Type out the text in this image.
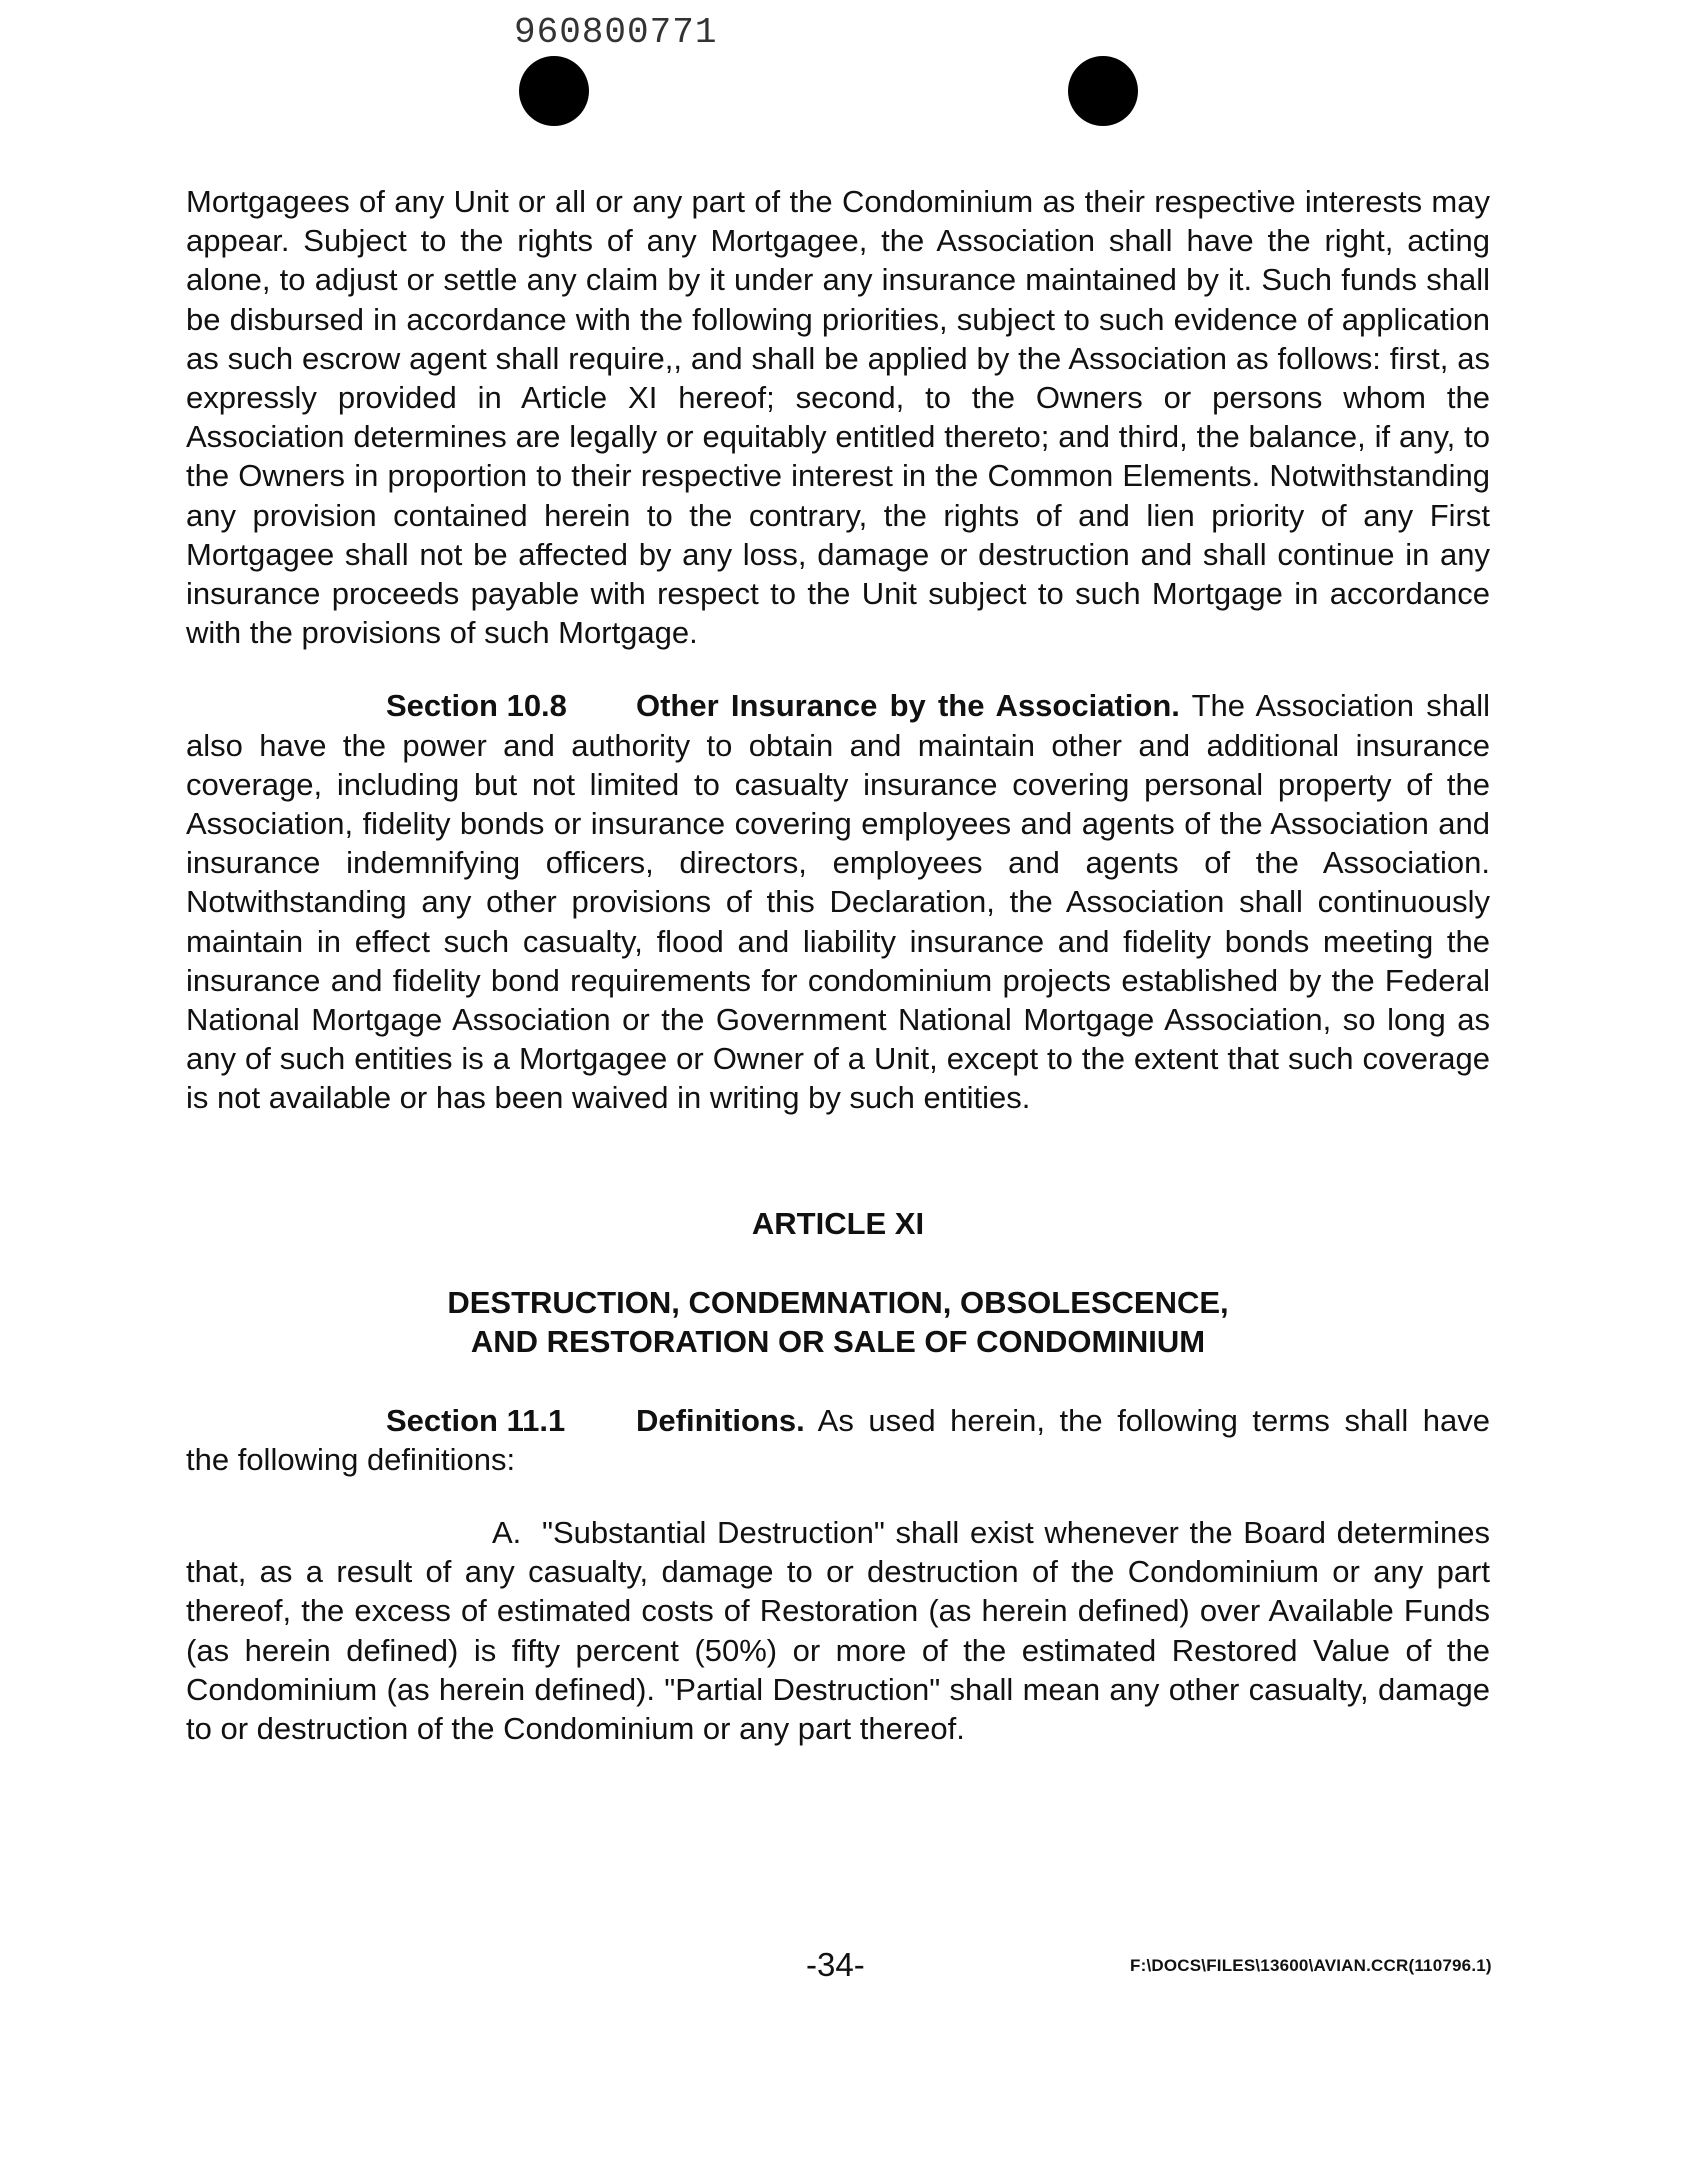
960800771

Mortgagees of any Unit or all or any part of the Condominium as their respective interests may appear. Subject to the rights of any Mortgagee, the Association shall have the right, acting alone, to adjust or settle any claim by it under any insurance maintained by it. Such funds shall be disbursed in accordance with the following priorities, subject to such evidence of application as such escrow agent shall require,, and shall be applied by the Association as follows: first, as expressly provided in Article XI hereof; second, to the Owners or persons whom the Association determines are legally or equitably entitled thereto; and third, the balance, if any, to the Owners in proportion to their respective interest in the Common Elements. Notwithstanding any provision contained herein to the contrary, the rights of and lien priority of any First Mortgagee shall not be affected by any loss, damage or destruction and shall continue in any insurance proceeds payable with respect to the Unit subject to such Mortgage in accordance with the provisions of such Mortgage.

Section 10.8 Other Insurance by the Association. The Association shall also have the power and authority to obtain and maintain other and additional insurance coverage, including but not limited to casualty insurance covering personal property of the Association, fidelity bonds or insurance covering employees and agents of the Association and insurance indemnifying officers, directors, employees and agents of the Association. Notwithstanding any other provisions of this Declaration, the Association shall continuously maintain in effect such casualty, flood and liability insurance and fidelity bonds meeting the insurance and fidelity bond requirements for condominium projects established by the Federal National Mortgage Association or the Government National Mortgage Association, so long as any of such entities is a Mortgagee or Owner of a Unit, except to the extent that such coverage is not available or has been waived in writing by such entities.

ARTICLE XI
DESTRUCTION, CONDEMNATION, OBSOLESCENCE,
AND RESTORATION OR SALE OF CONDOMINIUM

Section 11.1 Definitions. As used herein, the following terms shall have the following definitions:

A. "Substantial Destruction" shall exist whenever the Board determines that, as a result of any casualty, damage to or destruction of the Condominium or any part thereof, the excess of estimated costs of Restoration (as herein defined) over Available Funds (as herein defined) is fifty percent (50%) or more of the estimated Restored Value of the Condominium (as herein defined). "Partial Destruction" shall mean any other casualty, damage to or destruction of the Condominium or any part thereof.

-34-	F:\DOCS\FILES\13600\AVIAN.CCR(110796.1)
